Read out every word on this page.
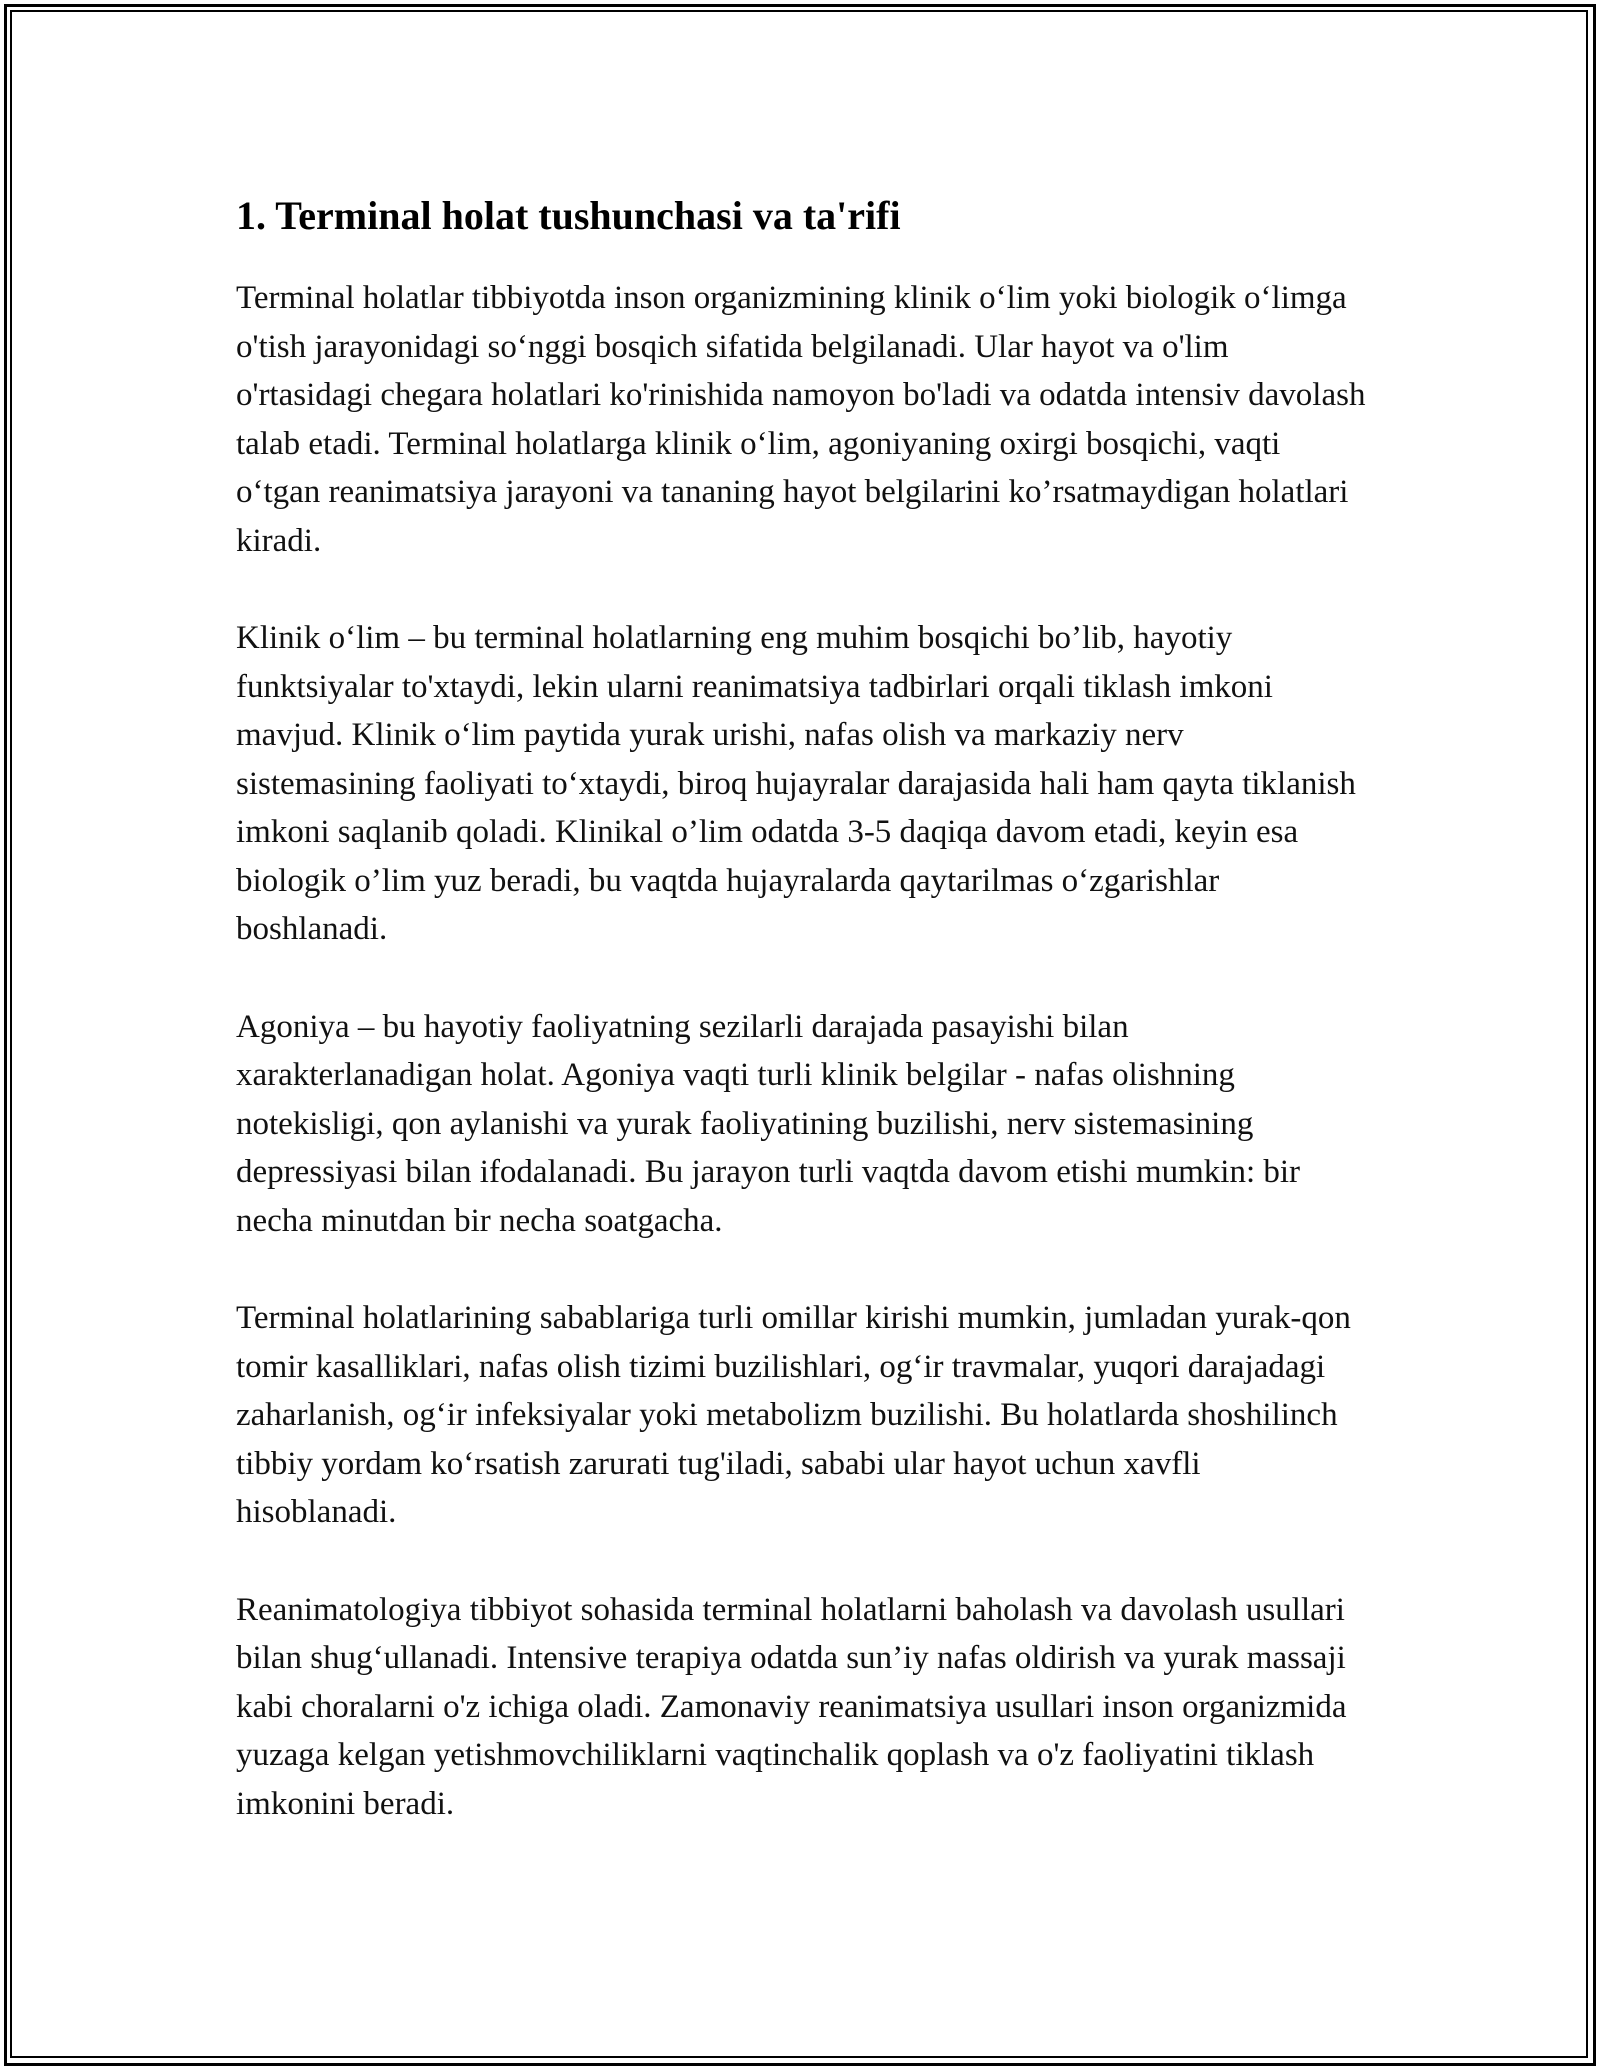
1. Terminal holat tushunchasi va ta'rifi

Terminal holatlar tibbiyotda inson organizmining klinik o‘lim yoki biologik o‘limga o'tish jarayonidagi so‘nggi bosqich sifatida belgilanadi. Ular hayot va o'lim o'rtasidagi chegara holatlari ko'rinishida namoyon bo'ladi va odatda intensiv davolash talab etadi. Terminal holatlarga klinik o‘lim, agoniyaning oxirgi bosqichi, vaqti o‘tgan reanimatsiya jarayoni va tananing hayot belgilarini ko’rsatmaydigan holatlari kiradi.

Klinik o‘lim – bu terminal holatlarning eng muhim bosqichi bo’lib, hayotiy funktsiyalar to'xtaydi, lekin ularni reanimatsiya tadbirlari orqali tiklash imkoni mavjud. Klinik o‘lim paytida yurak urishi, nafas olish va markaziy nerv sistemasining faoliyati to‘xtaydi, biroq hujayralar darajasida hali ham qayta tiklanish imkoni saqlanib qoladi. Klinikal o’lim odatda 3-5 daqiqa davom etadi, keyin esa biologik o’lim yuz beradi, bu vaqtda hujayralarda qaytarilmas o‘zgarishlar boshlanadi.

Agoniya – bu hayotiy faoliyatning sezilarli darajada pasayishi bilan xarakterlanadigan holat. Agoniya vaqti turli klinik belgilar - nafas olishning notekisligi, qon aylanishi va yurak faoliyatining buzilishi, nerv sistemasining depressiyasi bilan ifodalanadi. Bu jarayon turli vaqtda davom etishi mumkin: bir necha minutdan bir necha soatgacha.

Terminal holatlarining sabablariga turli omillar kirishi mumkin, jumladan yurak-qon tomir kasalliklari, nafas olish tizimi buzilishlari, og‘ir travmalar, yuqori darajadagi zaharlanish, og‘ir infeksiyalar yoki metabolizm buzilishi. Bu holatlarda shoshilinch tibbiy yordam ko‘rsatish zarurati tug'iladi, sababi ular hayot uchun xavfli hisoblanadi.

Reanimatologiya tibbiyot sohasida terminal holatlarni baholash va davolash usullari bilan shug‘ullanadi. Intensive terapiya odatda sun’iy nafas oldirish va yurak massaji kabi choralarni o'z ichiga oladi. Zamonaviy reanimatsiya usullari inson organizmida yuzaga kelgan yetishmovchiliklarni vaqtinchalik qoplash va o'z faoliyatini tiklash imkonini beradi.
